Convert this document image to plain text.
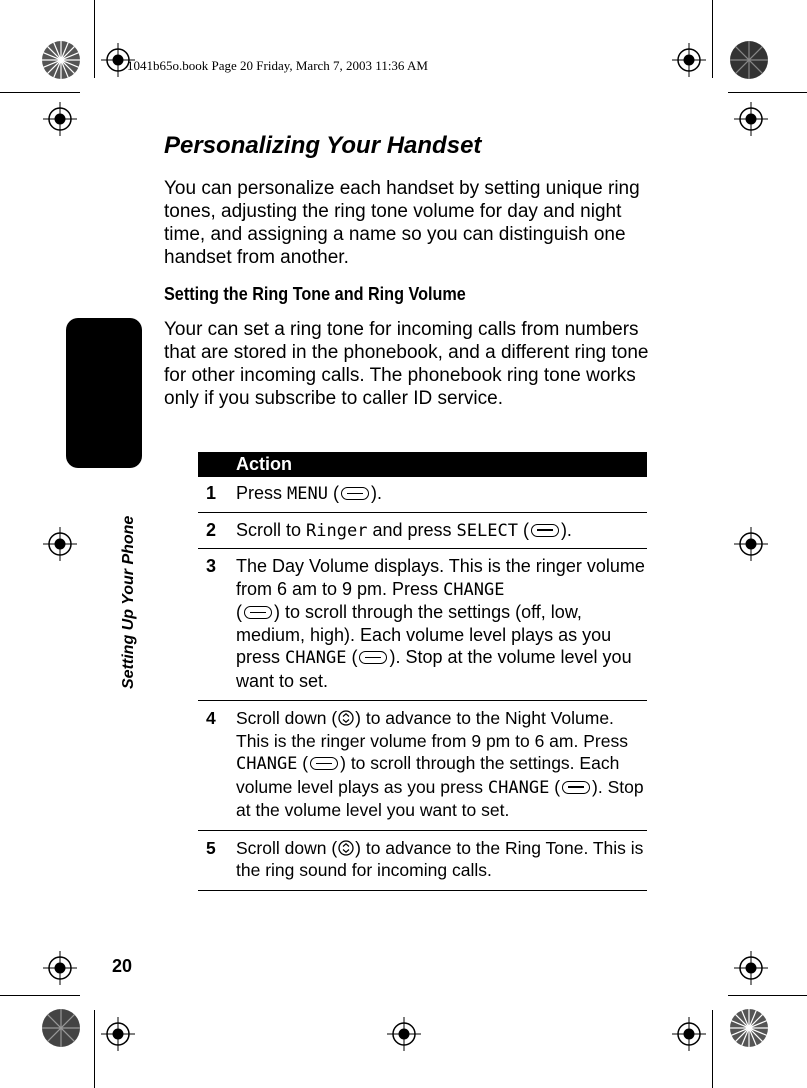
1041b65o.book Page 20 Friday, March 7, 2003 11:36 AM
Setting Up Your Phone
Personalizing Your Handset

You can personalize each handset by setting unique ring tones, adjusting the ring tone volume for day and night time, and assigning a name so you can distinguish one handset from another.

Setting the Ring Tone and Ring Volume

Your can set a ring tone for incoming calls from numbers that are stored in the phonebook, and a different ring tone for other incoming calls. The phonebook ring tone works only if you subscribe to caller ID service.

Action
1 Press MENU ( ).
2 Scroll to Ringer and press SELECT ( ).
3 The Day Volume displays. This is the ringer volume from 6 am to 9 pm. Press CHANGE
( ) to scroll through the settings (off, low, medium, high). Each volume level plays as you press CHANGE ( ). Stop at the volume level you want to set.
4 Scroll down ( ) to advance to the Night Volume. This is the ringer volume from 9 pm to 6 am. Press CHANGE ( ) to scroll through the settings. Each volume level plays as you press CHANGE ( ). Stop at the volume level you want to set.
5 Scroll down ( ) to advance to the Ring Tone. This is the ring sound for incoming calls.
20
